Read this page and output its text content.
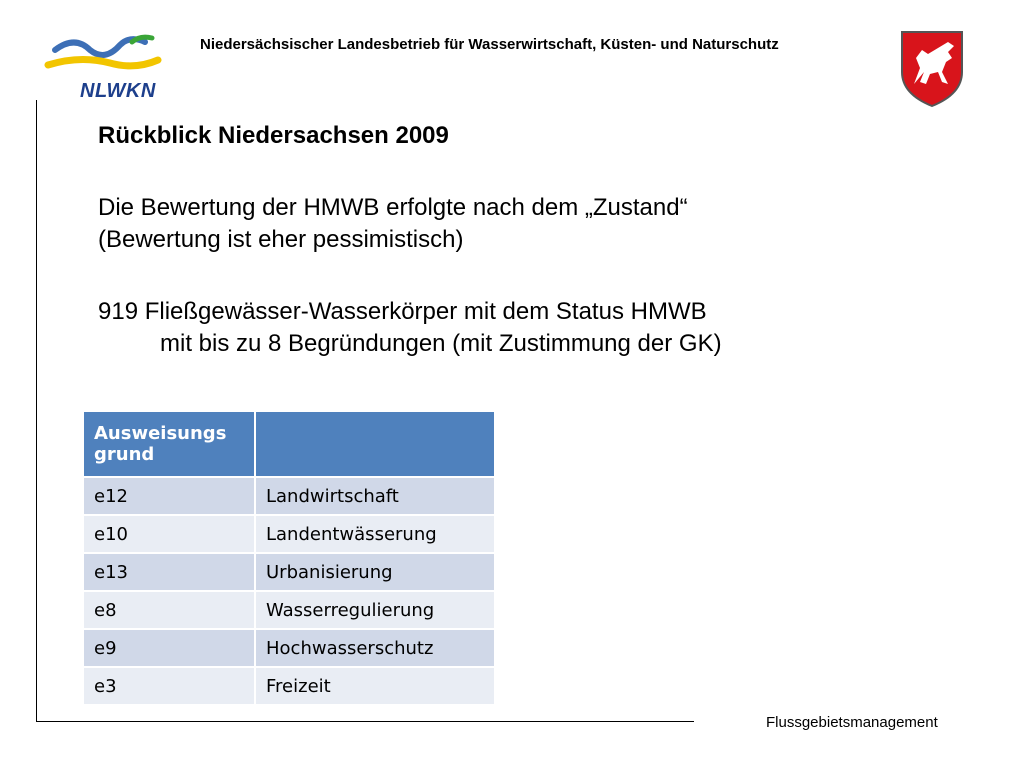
NLWKN
Niedersächsischer Landesbetrieb für Wasserwirtschaft, Küsten- und Naturschutz

Rückblick Niedersachsen 2009

Die Bewertung der HMWB erfolgte nach dem „Zustand“

(Bewertung ist eher pessimistisch)

919 Fließgewässer-Wasserkörper mit dem Status HMWB

mit bis zu 8 Begründungen (mit Zustimmung der GK)

Ausweisungs grund	
e12	Landwirtschaft
e10	Landentwässerung
e13	Urbanisierung
e8	Wasserregulierung
e9	Hochwasserschutz
e3	Freizeit
Flussgebietsmanagement
